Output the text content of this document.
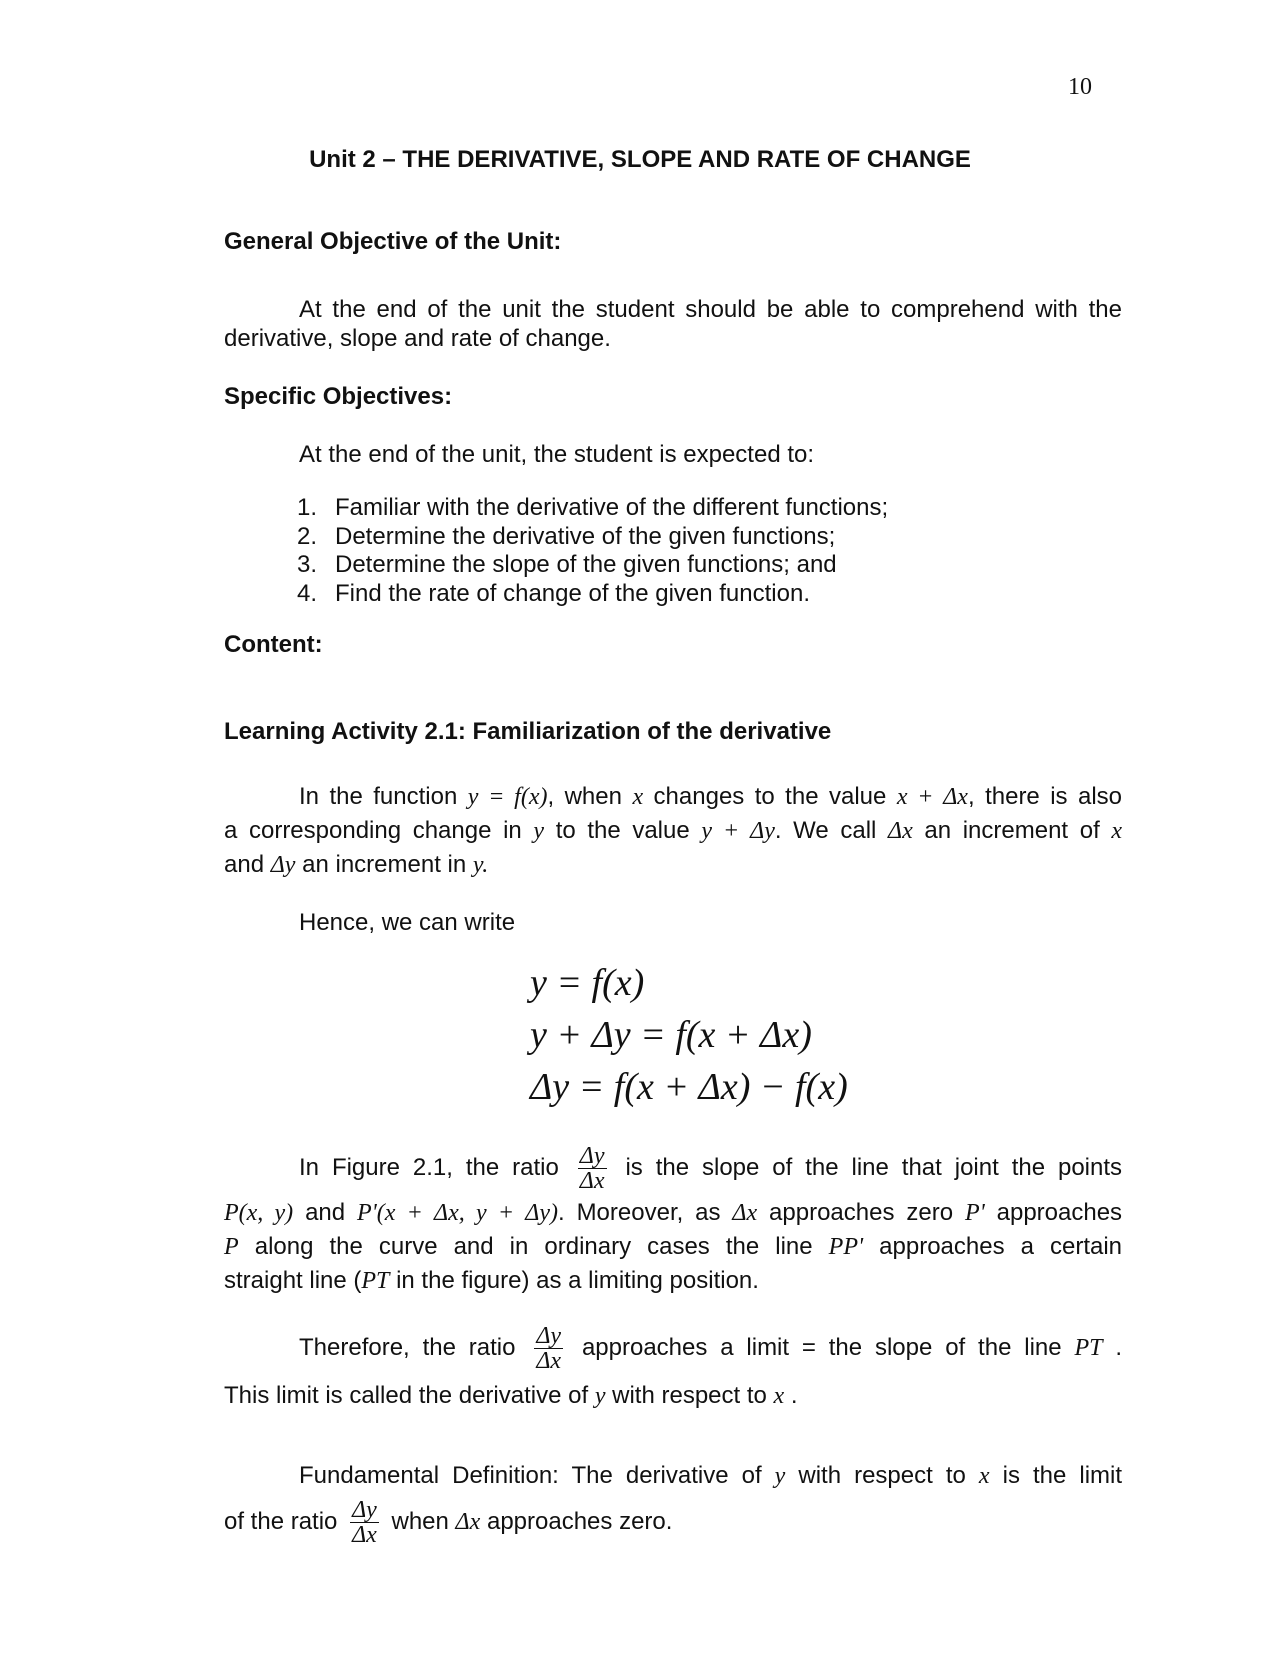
10
Unit 2 – THE DERIVATIVE, SLOPE AND RATE OF CHANGE
General Objective of the Unit:
At the end of the unit the student should be able to comprehend with the derivative, slope and rate of change.
Specific Objectives:
At the end of the unit, the student is expected to:
1. Familiar with the derivative of the different functions;
2. Determine the derivative of the given functions;
3. Determine the slope of the given functions; and
4. Find the rate of change of the given function.
Content:
Learning Activity 2.1: Familiarization of the derivative
In the function y = f(x), when x changes to the value x + Δx, there is also
a corresponding change in y to the value y + Δy. We call Δx an increment of x
and Δy an increment in y.
Hence, we can write
y = f(x)
y + Δy = f(x + Δx)
Δy = f(x + Δx) − f(x)
In Figure 2.1, the ratio $\frac{\Delta y}{\Delta x}$ is the slope of the line that joint the points
P(x, y) and P'(x + Δx, y + Δy). Moreover, as Δx approaches zero P' approaches
P along the curve and in ordinary cases the line PP' approaches a certain
straight line (PT in the figure) as a limiting position.
Therefore, the ratio $\frac{\Delta y}{\Delta x}$ approaches a limit = the slope of the line PT .
This limit is called the derivative of y with respect to x .
Fundamental Definition: The derivative of y with respect to x is the limit
of the ratio $\frac{\Delta y}{\Delta x}$ when Δx approaches zero.
